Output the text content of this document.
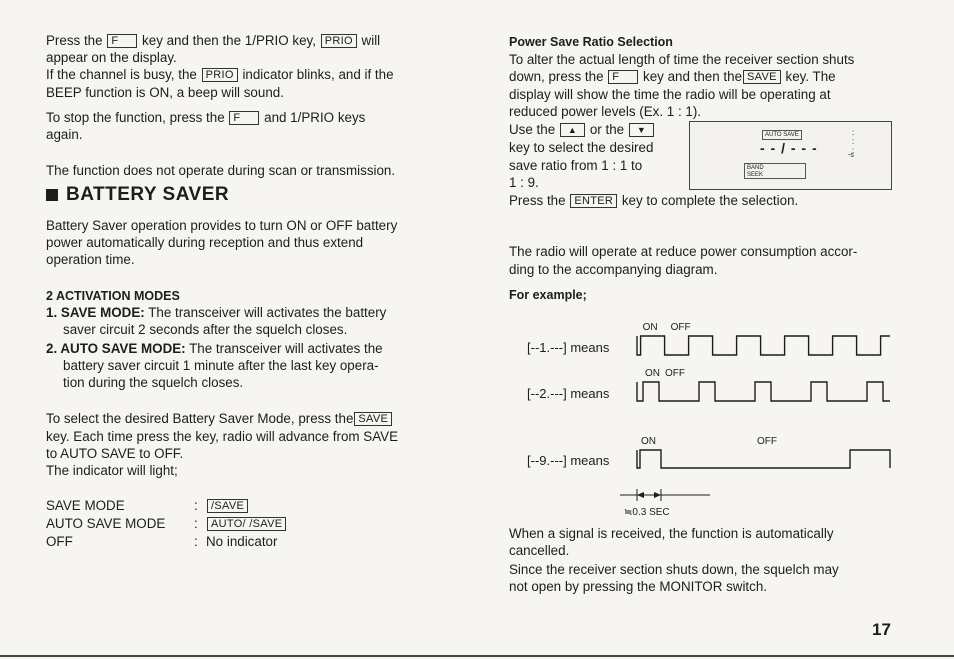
Press the F key and then the 1/PRIO key, PRIO will
appear on the display.
If the channel is busy, the PRIO indicator blinks, and if the
BEEP function is ON, a beep will sound.
To stop the function, press the F and 1/PRIO keys
again.
The function does not operate during scan or transmission.
BATTERY SAVER
Battery Saver operation provides to turn ON or OFF battery
power automatically during reception and thus extend
operation time.
2 ACTIVATION MODES
1. SAVE MODE: The transceiver will activates the battery
saver circuit 2 seconds after the squelch closes.
2. AUTO SAVE MODE: The transceiver will activates the
battery saver circuit 1 minute after the last key opera-
tion during the squelch closes.
To select the desired Battery Saver Mode, press the SAVE
key. Each time press the key, radio will advance from SAVE
to AUTO SAVE to OFF.
The indicator will light;
SAVE MODE	:	/SAVE
AUTO SAVE MODE :	AUTO/ /SAVE
OFF	: No indicator
Power Save Ratio Selection
To alter the actual length of time the receiver section shuts
down, press the F key and then the SAVE key. The
display will show the time the radio will be operating at
reduced power levels (Ex. 1 : 1).
Use the ▲ or the ▼
key to select the desired
save ratio from 1 : 1 to
1 : 9.
Press the ENTER key to complete the selection.
AUTO SAVE
- - / - - -	-s
BAND
SEEK
:
:
:
The radio will operate at reduce power consumption accor-
ding to the accompanying diagram.
For example;
[--1.---] means
ON OFF
[--2.---] means
ON OFF
[--9.---] means
ON	OFF
≒0.3 SEC
When a signal is received, the function is automatically
cancelled.
Since the receiver section shuts down, the squelch may
not open by pressing the MONITOR switch.
17
